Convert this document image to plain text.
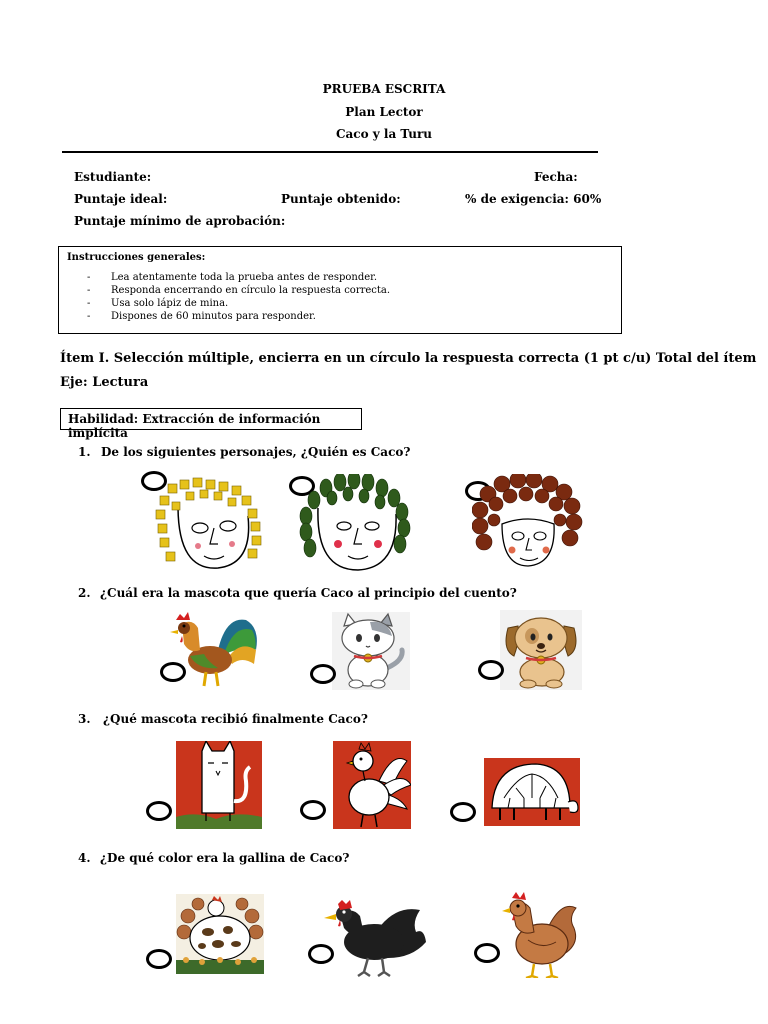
PRUEBA ESCRITA
Plan Lector
Caco y la Turu
Estudiante:	Fecha:
Puntaje ideal:	Puntaje obtenido:	% de exigencia: 60%
Puntaje mínimo de aprobación:
Instrucciones generales:
- Lea atentamente toda la prueba antes de responder.
- Responda encerrando en círculo la respuesta correcta.
- Usa solo lápiz de mina.
- Dispones de 60 minutos para responder.
Ítem I. Selección múltiple, encierra en un círculo la respuesta correcta (1 pt c/u) Total del ítem
Eje: Lectura
Habilidad: Extracción de información implícita
1. De los siguientes personajes, ¿Quién es Caco?
2. ¿Cuál era la mascota que quería Caco al principio del cuento?
3. ¿Qué mascota recibió finalmente Caco?
4. ¿De qué color era la gallina de Caco?
